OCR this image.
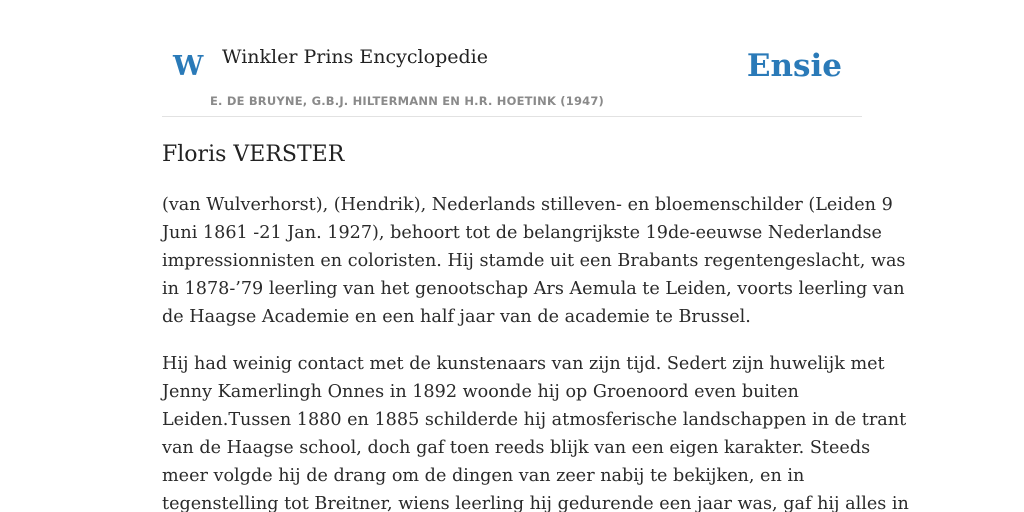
W Winkler Prins Encyclopedie
E. DE BRUYNE, G.B.J. HILTERMANN EN H.R. HOETINK (1947)
Ensie
Floris VERSTER

(van Wulverhorst), (Hendrik), Nederlands stilleven- en bloemenschilder (Leiden 9
Juni 1861 -21 Jan. 1927), behoort tot de belangrijkste 19de-eeuwse Nederlandse
impressionnisten en coloristen. Hij stamde uit een Brabants regentengeslacht, was
in 1878-’79 leerling van het genootschap Ars Aemula te Leiden, voorts leerling van
de Haagse Academie en een half jaar van de academie te Brussel.

Hij had weinig contact met de kunstenaars van zijn tijd. Sedert zijn huwelijk met
Jenny Kamerlingh Onnes in 1892 woonde hij op Groenoord even buiten
Leiden.Tussen 1880 en 1885 schilderde hij atmosferische landschappen in de trant
van de Haagse school, doch gaf toen reeds blijk van een eigen karakter. Steeds
meer volgde hij de drang om de dingen van zeer nabij te bekijken, en in
tegenstelling tot Breitner, wiens leerling hij gedurende een jaar was, gaf hij alles in
